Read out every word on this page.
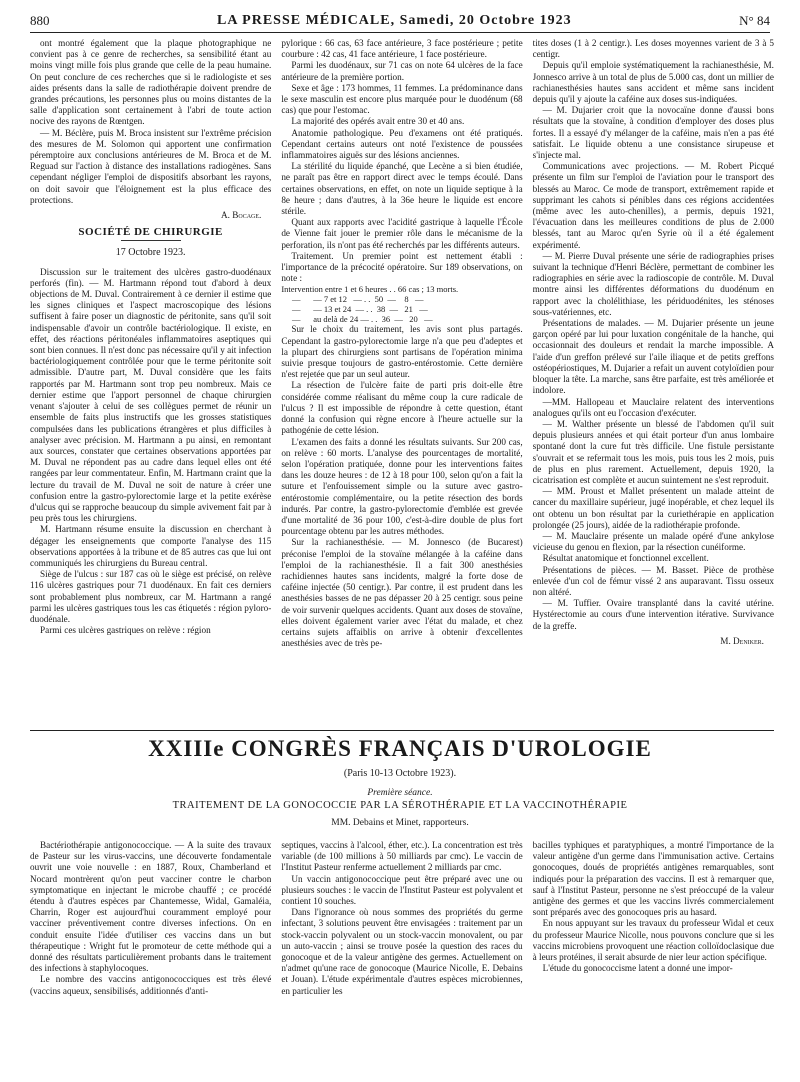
880	LA PRESSE MÉDICALE, Samedi, 20 Octobre 1923	N° 84

ont montré également que la plaque photographique ne convient pas à ce genre de recherches, sa sensibilité étant au moins vingt mille fois plus grande que celle de la peau humaine. On peut conclure de ces recherches que si le radiologiste et ses aides présents dans la salle de radiothérapie doivent prendre de grandes précautions, les personnes plus ou moins distantes de la salle d'application sont certainement à l'abri de toute action nocive des rayons de Rœntgen.

— M. Béclère, puis M. Broca insistent sur l'extrême précision des mesures de M. Solomon qui apportent une confirmation péremptoire aux conclusions antérieures de M. Broca et de M. Reguad sur l'action à distance des installations radiogènes. Sans cependant négliger l'emploi de dispositifs absorbant les rayons, on doit savoir que l'éloignement est la plus efficace des protections.

A. Bocage.
SOCIÉTÉ DE CHIRURGIE
17 Octobre 1923.

Discussion sur le traitement des ulcères gastro-duodénaux perforés (fin). — M. Hartmann répond tout d'abord à deux objections de M. Duval. Contrairement à ce dernier il estime que les signes cliniques et l'aspect macroscopique des lésions suffisent à faire poser un diagnostic de péritonite, sans qu'il soit indispensable d'avoir un contrôle bactériologique. Il existe, en effet, des réactions péritonéales inflammatoires aseptiques qui sont bien connues. Il n'est donc pas nécessaire qu'il y ait infection bactériologiquement contrôlée pour que le terme péritonite soit admissible. D'autre part, M. Duval considère que les faits rapportés par M. Hartmann sont trop peu nombreux. Mais ce dernier estime que l'apport personnel de chaque chirurgien venant s'ajouter à celui de ses collègues permet de réunir un ensemble de faits plus instructifs que les grosses statistiques compulsées dans les publications étrangères et plus difficiles à analyser avec précision. M. Hartmann a pu ainsi, en remontant aux sources, constater que certaines observations apportées par M. Duval ne répondent pas au cadre dans lequel elles ont été rangées par leur commentateur. Enfin, M. Hartmann craint que la lecture du travail de M. Duval ne soit de nature à créer une confusion entre la gastro-pylorectomie large et la petite exérèse d'ulcus qui se rapproche beaucoup du simple avivement fait par à peu près tous les chirurgiens.

M. Hartmann résume ensuite la discussion en cherchant à dégager les enseignements que comporte l'analyse des 115 observations apportées à la tribune et de 85 autres cas que lui ont communiqués les chirurgiens du Bureau central.

Siège de l'ulcus : sur 187 cas où le siège est précisé, on relève 116 ulcères gastriques pour 71 duodénaux. En fait ces derniers sont probablement plus nombreux, car M. Hartmann a rangé parmi les ulcères gastriques tous les cas étiquetés : région pyloro-duodénale.

Parmi ces ulcères gastriques on relève : région

pylorique : 66 cas, 63 face antérieure, 3 face postérieure ; petite courbure : 42 cas, 41 face antérieure, 1 face postérieure.

Parmi les duodénaux, sur 71 cas on note 64 ulcères de la face antérieure de la première portion.

Sexe et âge : 173 hommes, 11 femmes. La prédominance dans le sexe masculin est encore plus marquée pour le duodénum (68 cas) que pour l'estomac.

La majorité des opérés avait entre 30 et 40 ans.

Anatomie pathologique. Peu d'examens ont été pratiqués. Cependant certains auteurs ont noté l'existence de poussées inflammatoires aiguës sur des lésions anciennes.

La stérilité du liquide épanché, que Lecène a si bien étudiée, ne paraît pas être en rapport direct avec le temps écoulé. Dans certaines observations, en effet, on note un liquide septique à la 8e heure ; dans d'autres, à la 36e heure le liquide est encore stérile.

Quant aux rapports avec l'acidité gastrique à laquelle l'École de Vienne fait jouer le premier rôle dans le mécanisme de la perforation, ils n'ont pas été recherchés par les différents auteurs.

Traitement. Un premier point est nettement établi : l'importance de la précocité opératoire. Sur 189 observations, on note :

Intervention entre 1 et 6 heures . . 66 cas ; 13 morts.

—      — 7 et 12   — . .  50  —    8   —

—      — 13 et 24  — . .  38  —   21   —

—      au delà de 24 — . .  36  —   20   —

Sur le choix du traitement, les avis sont plus partagés. Cependant la gastro-pylorectomie large n'a que peu d'adeptes et la plupart des chirurgiens sont partisans de l'opération minima suivie presque toujours de gastro-entérostomie. Cette dernière n'est rejetée que par un seul auteur.

La résection de l'ulcère faite de parti pris doit-elle être considérée comme réalisant du même coup la cure radicale de l'ulcus ? Il est impossible de répondre à cette question, étant donné la confusion qui règne encore à l'heure actuelle sur la pathogénie de cette lésion.

L'examen des faits a donné les résultats suivants. Sur 200 cas, on relève : 60 morts. L'analyse des pourcentages de mortalité, selon l'opération pratiquée, donne pour les interventions faites dans les douze heures : de 12 à 18 pour 100, selon qu'on a fait la suture et l'enfouissement simple ou la suture avec gastro-entérostomie complémentaire, ou la petite résection des bords indurés. Par contre, la gastro-pylorectomie d'emblée est grevée d'une mortalité de 36 pour 100, c'est-à-dire double de plus fort pourcentage obtenu par les autres méthodes.

Sur la rachianesthésie. — M. Jonnesco (de Bucarest) préconise l'emploi de la stovaïne mélangée à la caféine dans l'emploi de la rachianesthésie. Il a fait 300 anesthésies rachidiennes hautes sans incidents, malgré la forte dose de caféine injectée (50 centigr.). Par contre, il est prudent dans les anesthésies basses de ne pas dépasser 20 à 25 centigr. sous peine de voir survenir quelques accidents. Quant aux doses de stovaïne, elles doivent également varier avec l'état du malade, et chez certains sujets affaiblis on arrive à obtenir d'excellentes anesthésies avec de très pe-

tites doses (1 à 2 centigr.). Les doses moyennes varient de 3 à 5 centigr.

Depuis qu'il emploie systématiquement la rachianesthésie, M. Jonnesco arrive à un total de plus de 5.000 cas, dont un millier de rachianesthésies hautes sans accident et même sans incident depuis qu'il y ajoute la caféine aux doses sus-indiquées.

— M. Dujarier croit que la novocaïne donne d'aussi bons résultats que la stovaïne, à condition d'employer des doses plus fortes. Il a essayé d'y mélanger de la caféine, mais n'en a pas été satisfait. Le liquide obtenu a une consistance sirupeuse et s'injecte mal.

Communications avec projections. — M. Robert Picqué présente un film sur l'emploi de l'aviation pour le transport des blessés au Maroc. Ce mode de transport, extrêmement rapide et supprimant les cahots si pénibles dans ces régions accidentées (même avec les auto-chenilles), a permis, depuis 1921, l'évacuation dans les meilleures conditions de plus de 2.000 blessés, tant au Maroc qu'en Syrie où il a été également expérimenté.

— M. Pierre Duval présente une série de radiographies prises suivant la technique d'Henri Béclère, permettant de combiner les radiographies en série avec la radioscopie de contrôle. M. Duval montre ainsi les différentes déformations du duodénum en rapport avec la cholélithiase, les périduodénites, les sténoses sous-vatériennes, etc.

Présentations de malades. — M. Dujarier présente un jeune garçon opéré par lui pour luxation congénitale de la hanche, qui occasionnait des douleurs et rendait la marche impossible. A l'aide d'un greffon prélevé sur l'aile iliaque et de petits greffons ostéopériostiques, M. Dujarier a refait un auvent cotyloïdien pour bloquer la tête. La marche, sans être parfaite, est très améliorée et indolore.

—MM. Hallopeau et Mauclaire relatent des interventions analogues qu'ils ont eu l'occasion d'exécuter.

— M. Walther présente un blessé de l'abdomen qu'il suit depuis plusieurs années et qui était porteur d'un anus lombaire spontané dont la cure fut très difficile. Une fistule persistante s'ouvrait et se refermait tous les mois, puis tous les 2 mois, puis de plus en plus rarement. Actuellement, depuis 1920, la cicatrisation est complète et aucun suintement ne s'est reproduit.

— MM. Proust et Mallet présentent un malade atteint de cancer du maxillaire supérieur, jugé inopérable, et chez lequel ils ont obtenu un bon résultat par la curiethérapie en application prolongée (25 jours), aidée de la radiothérapie profonde.

— M. Mauclaire présente un malade opéré d'une ankylose vicieuse du genou en flexion, par la résection cunéiforme.

Résultat anatomique et fonctionnel excellent.

Présentations de pièces. — M. Basset. Pièce de prothèse enlevée d'un col de fémur vissé 2 ans auparavant. Tissu osseux non altéré.

— M. Tuffier. Ovaire transplanté dans la cavité utérine. Hystérectomie au cours d'une intervention itérative. Survivance de la greffe.

M. Deniker.
XXIIIe CONGRÈS FRANÇAIS D'UROLOGIE
(Paris 10-13 Octobre 1923).
Première séance.
TRAITEMENT DE LA GONOCOCCIE PAR LA SÉROTHÉRAPIE ET LA VACCINOTHÉRAPIE
MM. Debains et Minet, rapporteurs.

Bactériothérapie antigonococcique. — A la suite des travaux de Pasteur sur les virus-vaccins, une découverte fondamentale ouvrit une voie nouvelle : en 1887, Roux, Chamberland et Nocard montrèrent qu'on peut vacciner contre le charbon symptomatique en injectant le microbe chauffé ; ce procédé étendu à d'autres espèces par Chantemesse, Widal, Gamaléia, Charrin, Roger est aujourd'hui couramment employé pour vacciner préventivement contre diverses infections. On en conduit ensuite l'idée d'utiliser ces vaccins dans un but thérapeutique : Wright fut le promoteur de cette méthode qui a donné des résultats particulièrement probants dans le traitement des infections à staphylocoques.

Le nombre des vaccins antigonococciques est très élevé (vaccins aqueux, sensibilisés, additionnés d'anti-

septiques, vaccins à l'alcool, éther, etc.). La concentration est très variable (de 100 millions à 50 milliards par cmc). Le vaccin de l'Institut Pasteur renferme actuellement 2 milliards par cmc.

Un vaccin antigonococcique peut être préparé avec une ou plusieurs souches : le vaccin de l'Institut Pasteur est polyvalent et contient 10 souches.

Dans l'ignorance où nous sommes des propriétés du germe infectant, 3 solutions peuvent être envisagées : traitement par un stock-vaccin polyvalent ou un stock-vaccin monovalent, ou par un auto-vaccin ; ainsi se trouve posée la question des races du gonocoque et de la valeur antigène des germes. Actuellement on n'admet qu'une race de gonocoque (Maurice Nicolle, E. Debains et Jouan). L'étude expérimentale d'autres espèces microbiennes, en particulier les

bacilles typhiques et paratyphiques, a montré l'importance de la valeur antigène d'un germe dans l'immunisation active. Certains gonocoques, doués de propriétés antigènes remarquables, sont indiqués pour la préparation des vaccins. Il est à remarquer que, sauf à l'Institut Pasteur, personne ne s'est préoccupé de la valeur antigène des germes et que les vaccins livrés commercialement sont préparés avec des gonocoques pris au hasard.

En nous appuyant sur les travaux du professeur Widal et ceux du professeur Maurice Nicolle, nous pouvons conclure que si les vaccins microbiens provoquent une réaction colloïdoclasique due à leurs protéines, il serait absurde de nier leur action spécifique.

L'étude du gonococcisme latent a donné une impor-
